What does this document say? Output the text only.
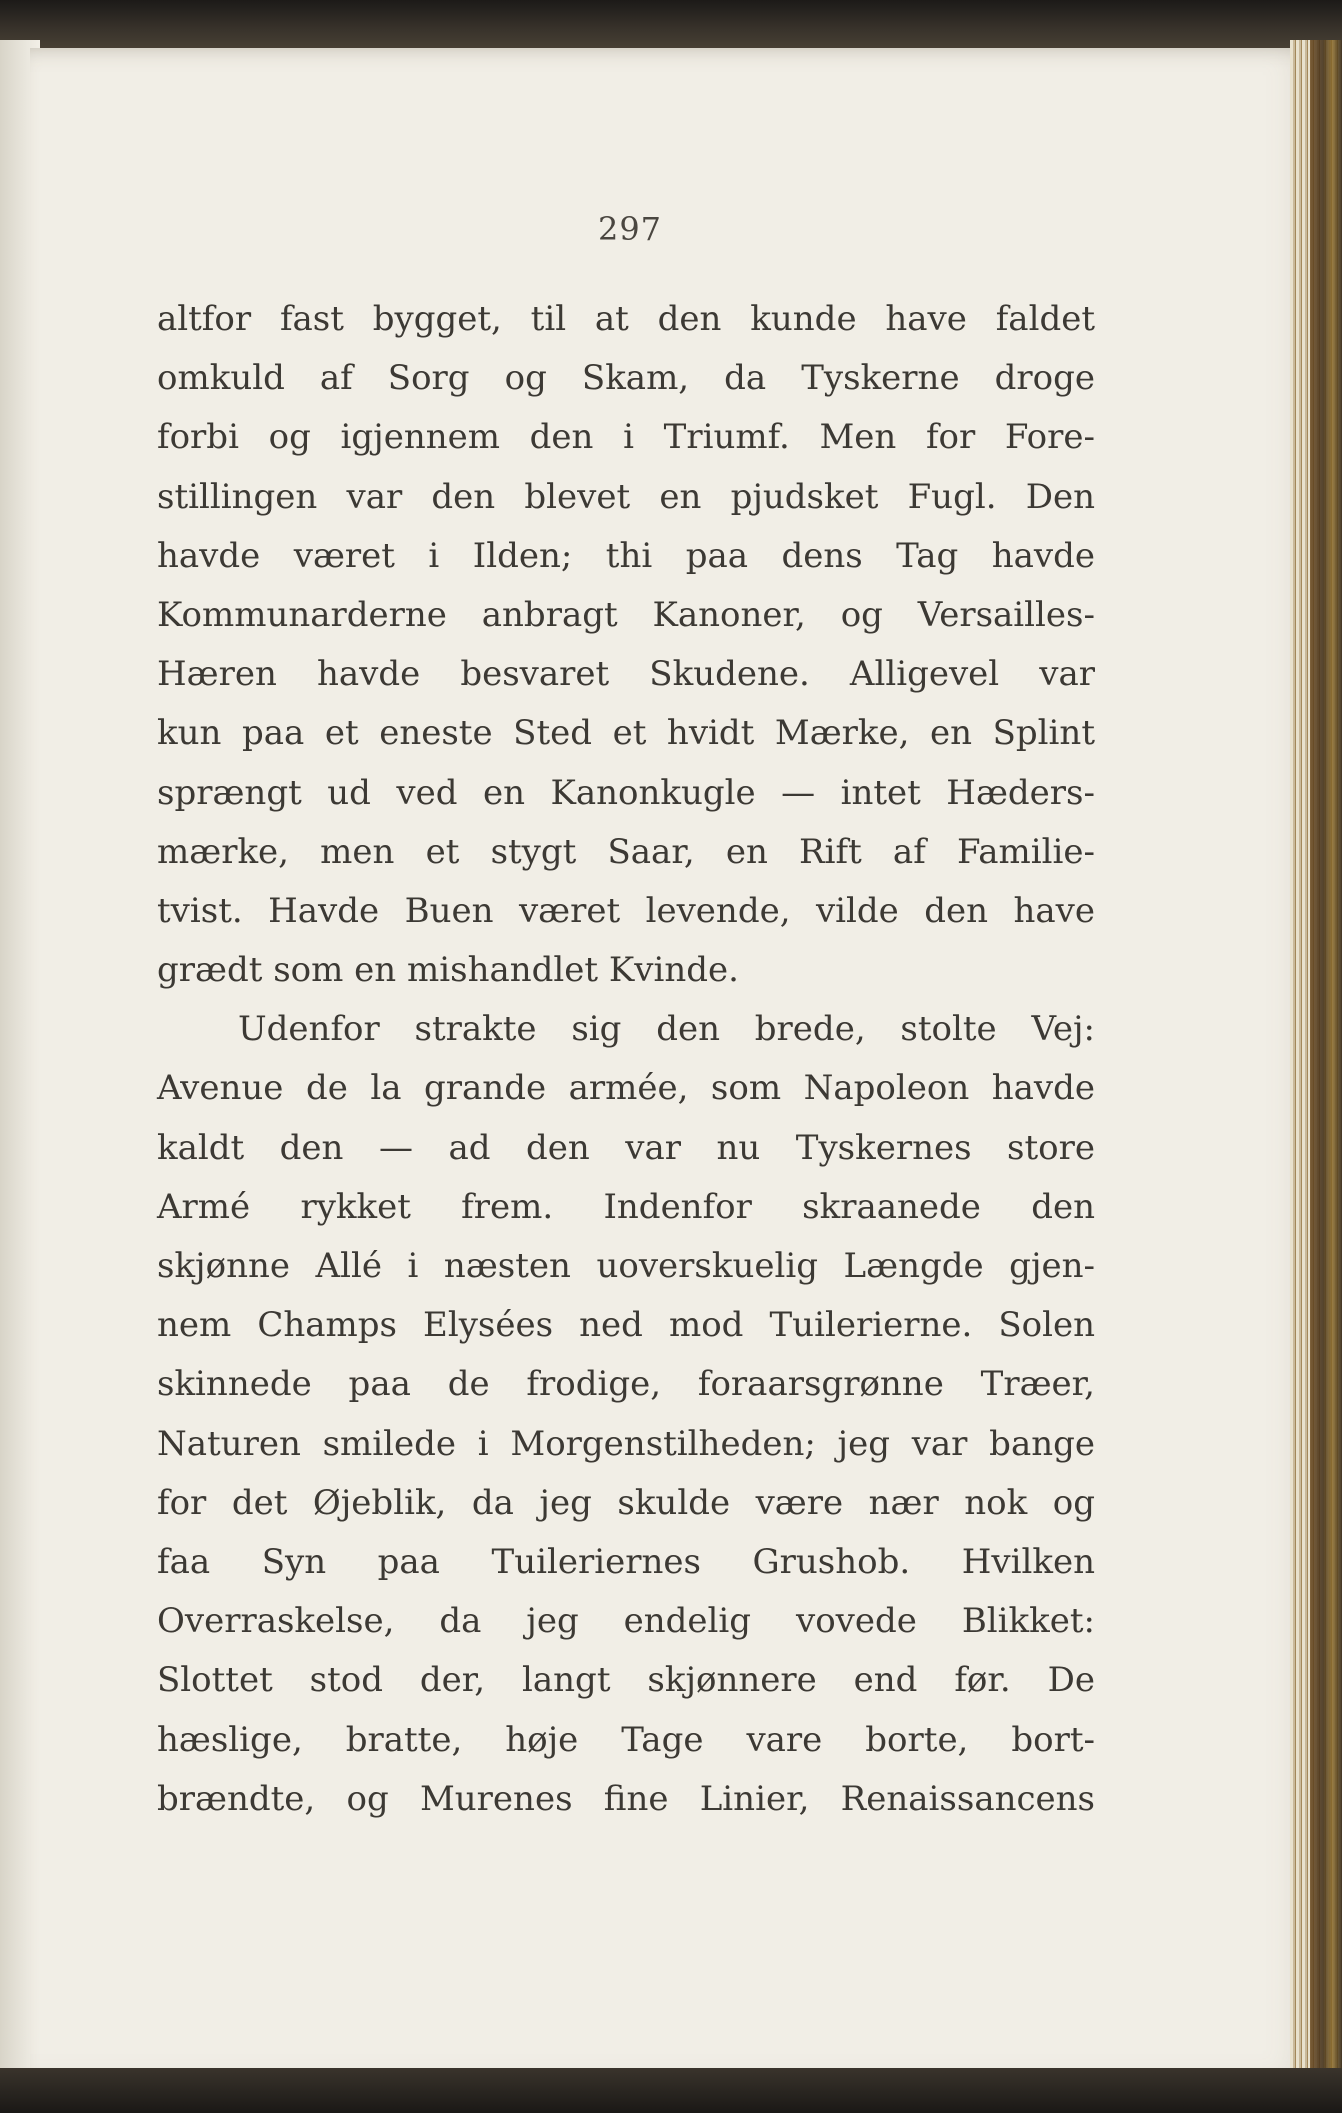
297
altfor fast bygget, til at den kunde have faldet
omkuld af Sorg og Skam, da Tyskerne droge
forbi og igjennem den i Triumf. Men for Fore-
stillingen var den blevet en pjudsket Fugl. Den
havde været i Ilden; thi paa dens Tag havde
Kommunarderne anbragt Kanoner, og Versailles-
Hæren havde besvaret Skudene. Alligevel var
kun paa et eneste Sted et hvidt Mærke, en Splint
sprængt ud ved en Kanonkugle — intet Hæders-
mærke, men et stygt Saar, en Rift af Familie-
tvist. Havde Buen været levende, vilde den have
grædt som en mishandlet Kvinde.
Udenfor strakte sig den brede, stolte Vej:
Avenue de la grande armée, som Napoleon havde
kaldt den — ad den var nu Tyskernes store
Armé rykket frem. Indenfor skraanede den
skjønne Allé i næsten uoverskuelig Længde gjen-
nem Champs Elysées ned mod Tuilerierne. Solen
skinnede paa de frodige, foraarsgrønne Træer,
Naturen smilede i Morgenstilheden; jeg var bange
for det Øjeblik, da jeg skulde være nær nok og
faa Syn paa Tuileriernes Grushob. Hvilken
Overraskelse, da jeg endelig vovede Blikket:
Slottet stod der, langt skjønnere end før. De
hæslige, bratte, høje Tage vare borte, bort-
brændte, og Murenes fine Linier, Renaissancens
